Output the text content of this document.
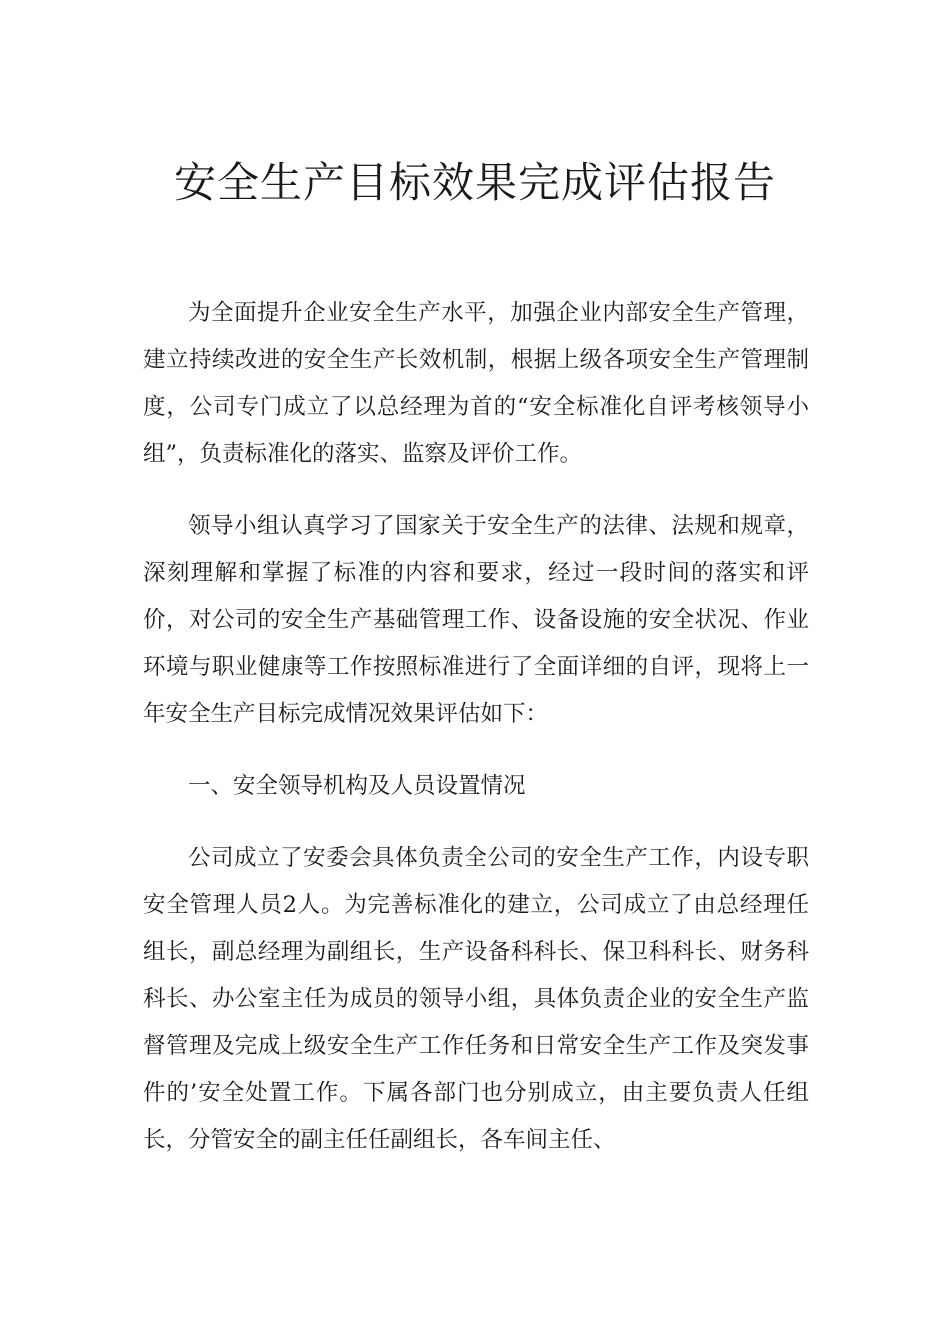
安全生产目标效果完成评估报告

为全面提升企业安全生产水平，加强企业内部安全生产管理，建立持续改进的安全生产长效机制，根据上级各项安全生产管理制度，公司专门成立了以总经理为首的“安全标准化自评考核领导小组”，负责标准化的落实、监察及评价工作。

领导小组认真学习了国家关于安全生产的法律、法规和规章，深刻理解和掌握了标准的内容和要求，经过一段时间的落实和评价，对公司的安全生产基础管理工作、设备设施的安全状况、作业环境与职业健康等工作按照标准进行了全面详细的自评，现将上一年安全生产目标完成情况效果评估如下：

一、安全领导机构及人员设置情况

公司成立了安委会具体负责全公司的安全生产工作，内设专职安全管理人员2人。为完善标准化的建立，公司成立了由总经理任组长，副总经理为副组长，生产设备科科长、保卫科科长、财务科科长、办公室主任为成员的领导小组，具体负责企业的安全生产监督管理及完成上级安全生产工作任务和日常安全生产工作及突发事件的’安全处置工作。下属各部门也分别成立，由主要负责人任组长，分管安全的副主任任副组长，各车间主任、
